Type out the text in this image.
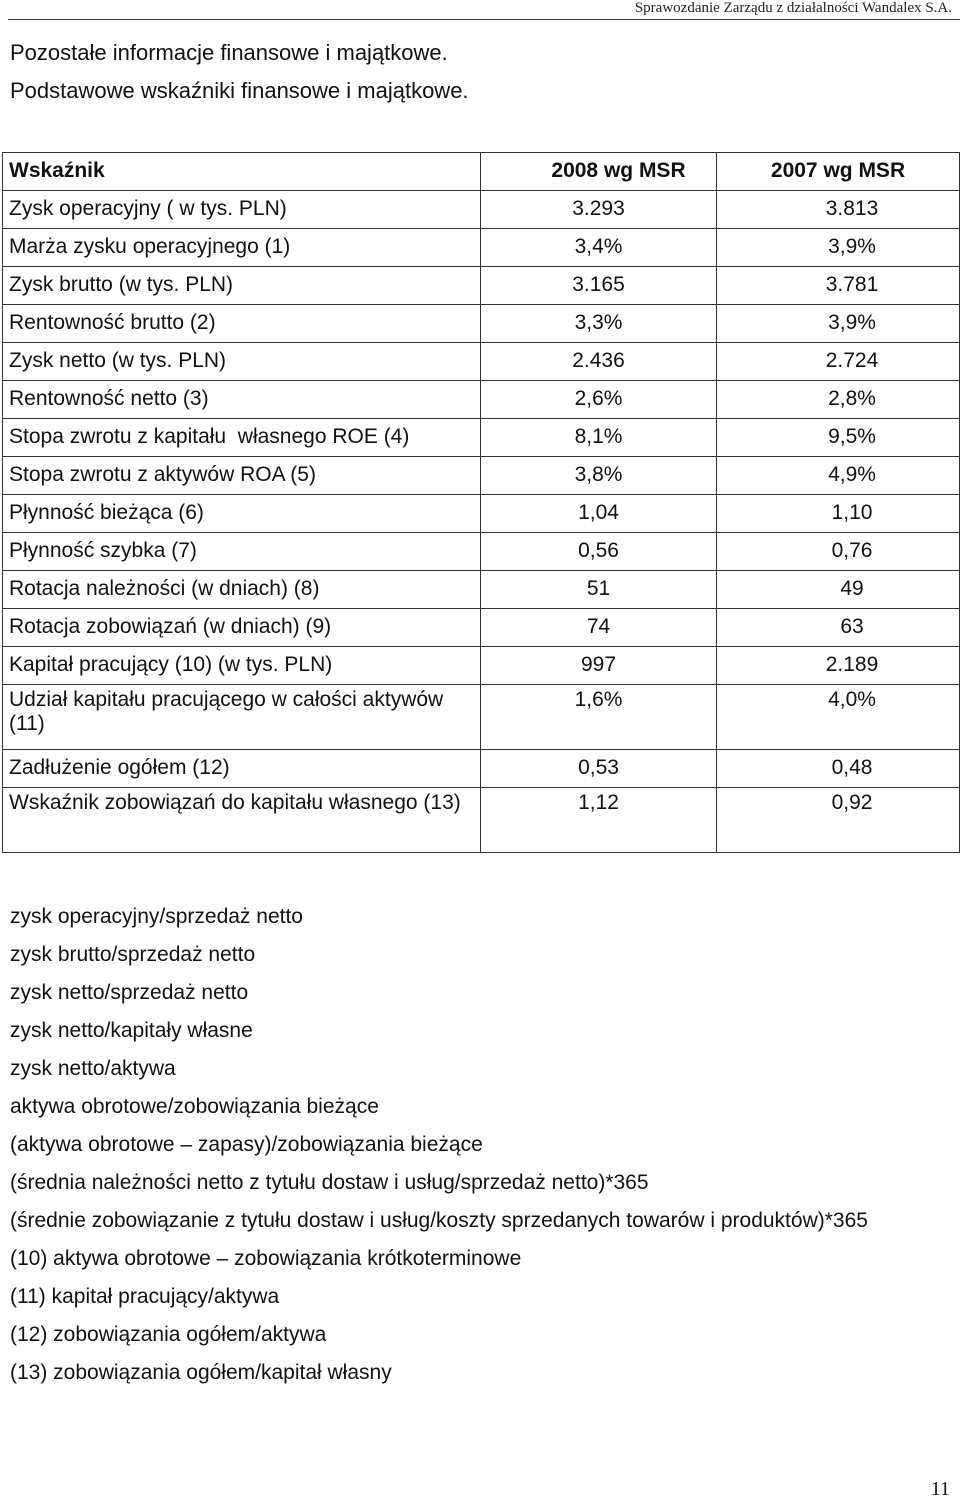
Sprawozdanie Zarządu z działalności Wandalex S.A.
Pozostałe informacje finansowe i majątkowe.
Podstawowe wskaźniki finansowe i majątkowe.
Wskaźnik	2008 wg MSR	2007 wg MSR
Zysk operacyjny ( w tys. PLN)	3.293	3.813
Marża zysku operacyjnego (1)	3,4%	3,9%
Zysk brutto (w tys. PLN)	3.165	3.781
Rentowność brutto (2)	3,3%	3,9%
Zysk netto (w tys. PLN)	2.436	2.724
Rentowność netto (3)	2,6%	2,8%
Stopa zwrotu z kapitału  własnego ROE (4)	8,1%	9,5%
Stopa zwrotu z aktywów ROA (5)	3,8%	4,9%
Płynność bieżąca (6)	1,04	1,10
Płynność szybka (7)	0,56	0,76
Rotacja należności (w dniach) (8)	51	49
Rotacja zobowiązań (w dniach) (9)	74	63
Kapitał pracujący (10) (w tys. PLN)	997	2.189
Udział kapitału pracującego w całości aktywów (11)	1,6%	4,0%
Zadłużenie ogółem (12)	0,53	0,48
Wskaźnik zobowiązań do kapitału własnego (13)	1,12	0,92
zysk operacyjny/sprzedaż netto
zysk brutto/sprzedaż netto
zysk netto/sprzedaż netto
zysk netto/kapitały własne
zysk netto/aktywa
aktywa obrotowe/zobowiązania bieżące
(aktywa obrotowe – zapasy)/zobowiązania bieżące
(średnia należności netto z tytułu dostaw i usług/sprzedaż netto)*365
(średnie zobowiązanie z tytułu dostaw i usług/koszty sprzedanych towarów i produktów)*365
(10) aktywa obrotowe – zobowiązania krótkoterminowe
(11) kapitał pracujący/aktywa
(12) zobowiązania ogółem/aktywa
(13) zobowiązania ogółem/kapitał własny
11
